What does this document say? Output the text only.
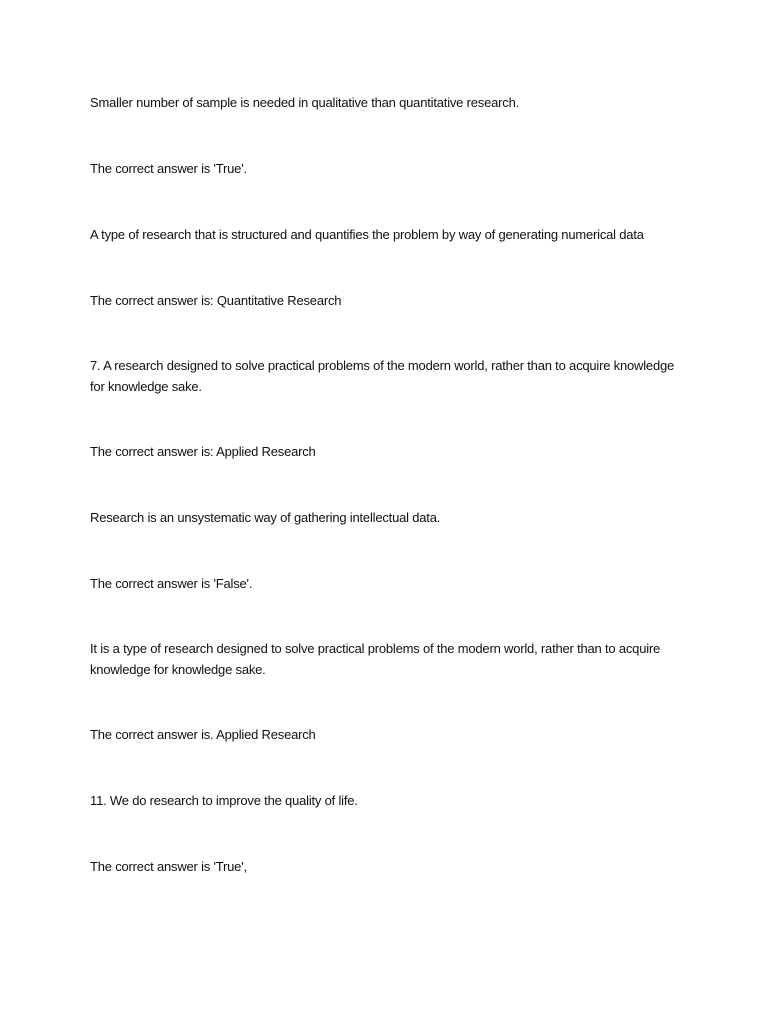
Smaller number of sample is needed in qualitative than quantitative research.

The correct answer is 'True'.

A type of research that is structured and quantifies the problem by way of generating numerical data

The correct answer is: Quantitative Research

7. A research designed to solve practical problems of the modern world, rather than to acquire knowledge for knowledge sake.

The correct answer is: Applied Research

Research is an unsystematic way of gathering intellectual data.

The correct answer is 'False'.

It is a type of research designed to solve practical problems of the modern world, rather than to acquire knowledge for knowledge sake.

The correct answer is. Applied Research

11. We do research to improve the quality of life.

The correct answer is 'True',
